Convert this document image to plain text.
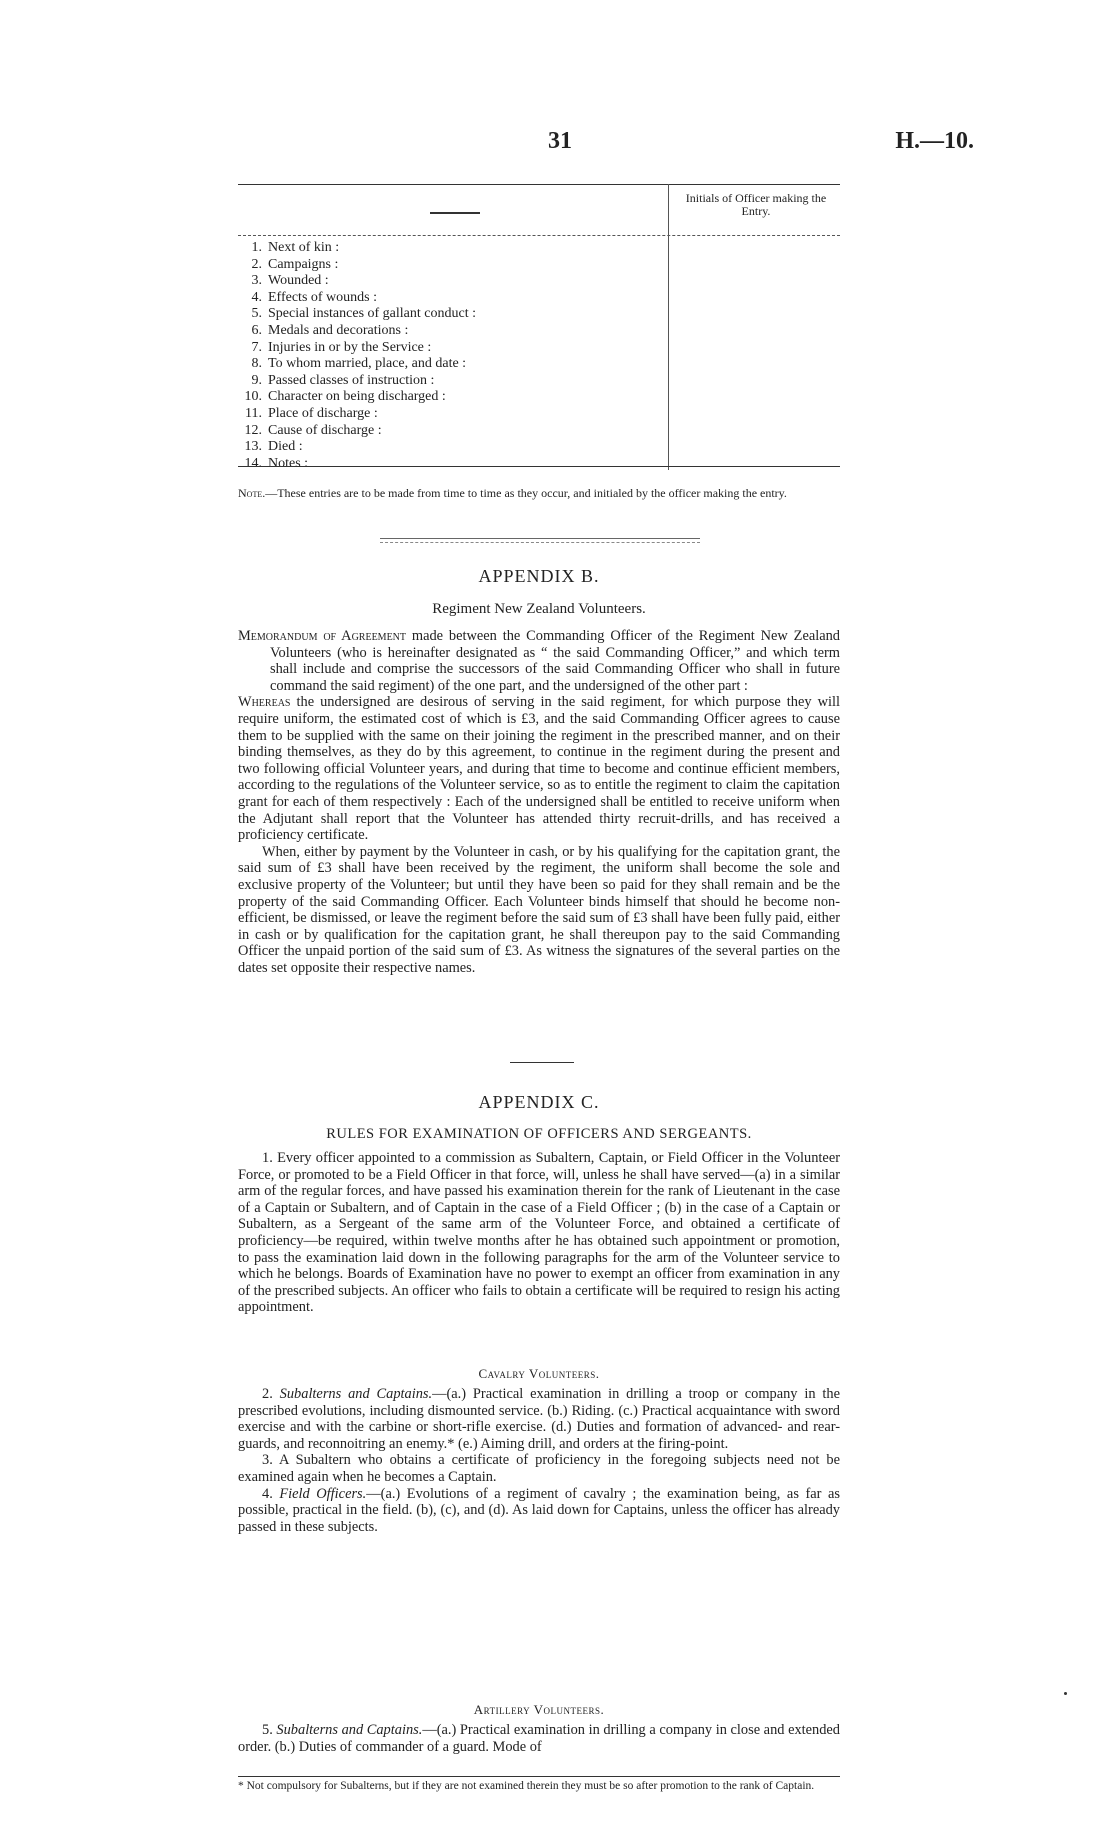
31	H.—10.
Initials of Officer making the Entry.
1. Next of kin :
2. Campaigns :
3. Wounded :
4. Effects of wounds :
5. Special instances of gallant conduct :
6. Medals and decorations :
7. Injuries in or by the Service :
8. To whom married, place, and date :
9. Passed classes of instruction :
10. Character on being discharged :
11. Place of discharge :
12. Cause of discharge :
13. Died :
14. Notes :
Note.—These entries are to be made from time to time as they occur, and initialed by the officer making the entry.
APPENDIX B.
Regiment New Zealand Volunteers.

Memorandum of Agreement made between the Commanding Officer of the Regiment New Zealand Volunteers (who is hereinafter designated as “ the said Commanding Officer,” and which term shall include and comprise the successors of the said Commanding Officer who shall in future command the said regiment) of the one part, and the undersigned of the other part :

Whereas the undersigned are desirous of serving in the said regiment, for which purpose they will require uniform, the estimated cost of which is £3, and the said Commanding Officer agrees to cause them to be supplied with the same on their joining the regiment in the prescribed manner, and on their binding themselves, as they do by this agreement, to continue in the regiment during the present and two following official Volunteer years, and during that time to become and continue efficient members, according to the regulations of the Volunteer service, so as to entitle the regiment to claim the capitation grant for each of them respectively : Each of the undersigned shall be entitled to receive uniform when the Adjutant shall report that the Volunteer has attended thirty recruit-drills, and has received a proficiency certificate.

When, either by payment by the Volunteer in cash, or by his qualifying for the capitation grant, the said sum of £3 shall have been received by the regiment, the uniform shall become the sole and exclusive property of the Volunteer; but until they have been so paid for they shall remain and be the property of the said Commanding Officer. Each Volunteer binds himself that should he become non-efficient, be dismissed, or leave the regiment before the said sum of £3 shall have been fully paid, either in cash or by qualification for the capitation grant, he shall thereupon pay to the said Commanding Officer the unpaid portion of the said sum of £3. As witness the signatures of the several parties on the dates set opposite their respective names.

APPENDIX C.
RULES FOR EXAMINATION OF OFFICERS AND SERGEANTS.

1. Every officer appointed to a commission as Subaltern, Captain, or Field Officer in the Volunteer Force, or promoted to be a Field Officer in that force, will, unless he shall have served—(a) in a similar arm of the regular forces, and have passed his examination therein for the rank of Lieutenant in the case of a Captain or Subaltern, and of Captain in the case of a Field Officer ; (b) in the case of a Captain or Subaltern, as a Sergeant of the same arm of the Volunteer Force, and obtained a certificate of proficiency—be required, within twelve months after he has obtained such appointment or promotion, to pass the examination laid down in the following paragraphs for the arm of the Volunteer service to which he belongs. Boards of Examination have no power to exempt an officer from examination in any of the prescribed subjects. An officer who fails to obtain a certificate will be required to resign his acting appointment.

Cavalry Volunteers.

2. Subalterns and Captains.—(a.) Practical examination in drilling a troop or company in the prescribed evolutions, including dismounted service. (b.) Riding. (c.) Practical acquaintance with sword exercise and with the carbine or short-rifle exercise. (d.) Duties and formation of advanced- and rear-guards, and reconnoitring an enemy.* (e.) Aiming drill, and orders at the firing-point.

3. A Subaltern who obtains a certificate of proficiency in the foregoing subjects need not be examined again when he becomes a Captain.

4. Field Officers.—(a.) Evolutions of a regiment of cavalry ; the examination being, as far as possible, practical in the field. (b), (c), and (d). As laid down for Captains, unless the officer has already passed in these subjects.

Artillery Volunteers.

5. Subalterns and Captains.—(a.) Practical examination in drilling a company in close and extended order. (b.) Duties of commander of a guard. Mode of

* Not compulsory for Subalterns, but if they are not examined therein they must be so after promotion to the rank of Captain.
